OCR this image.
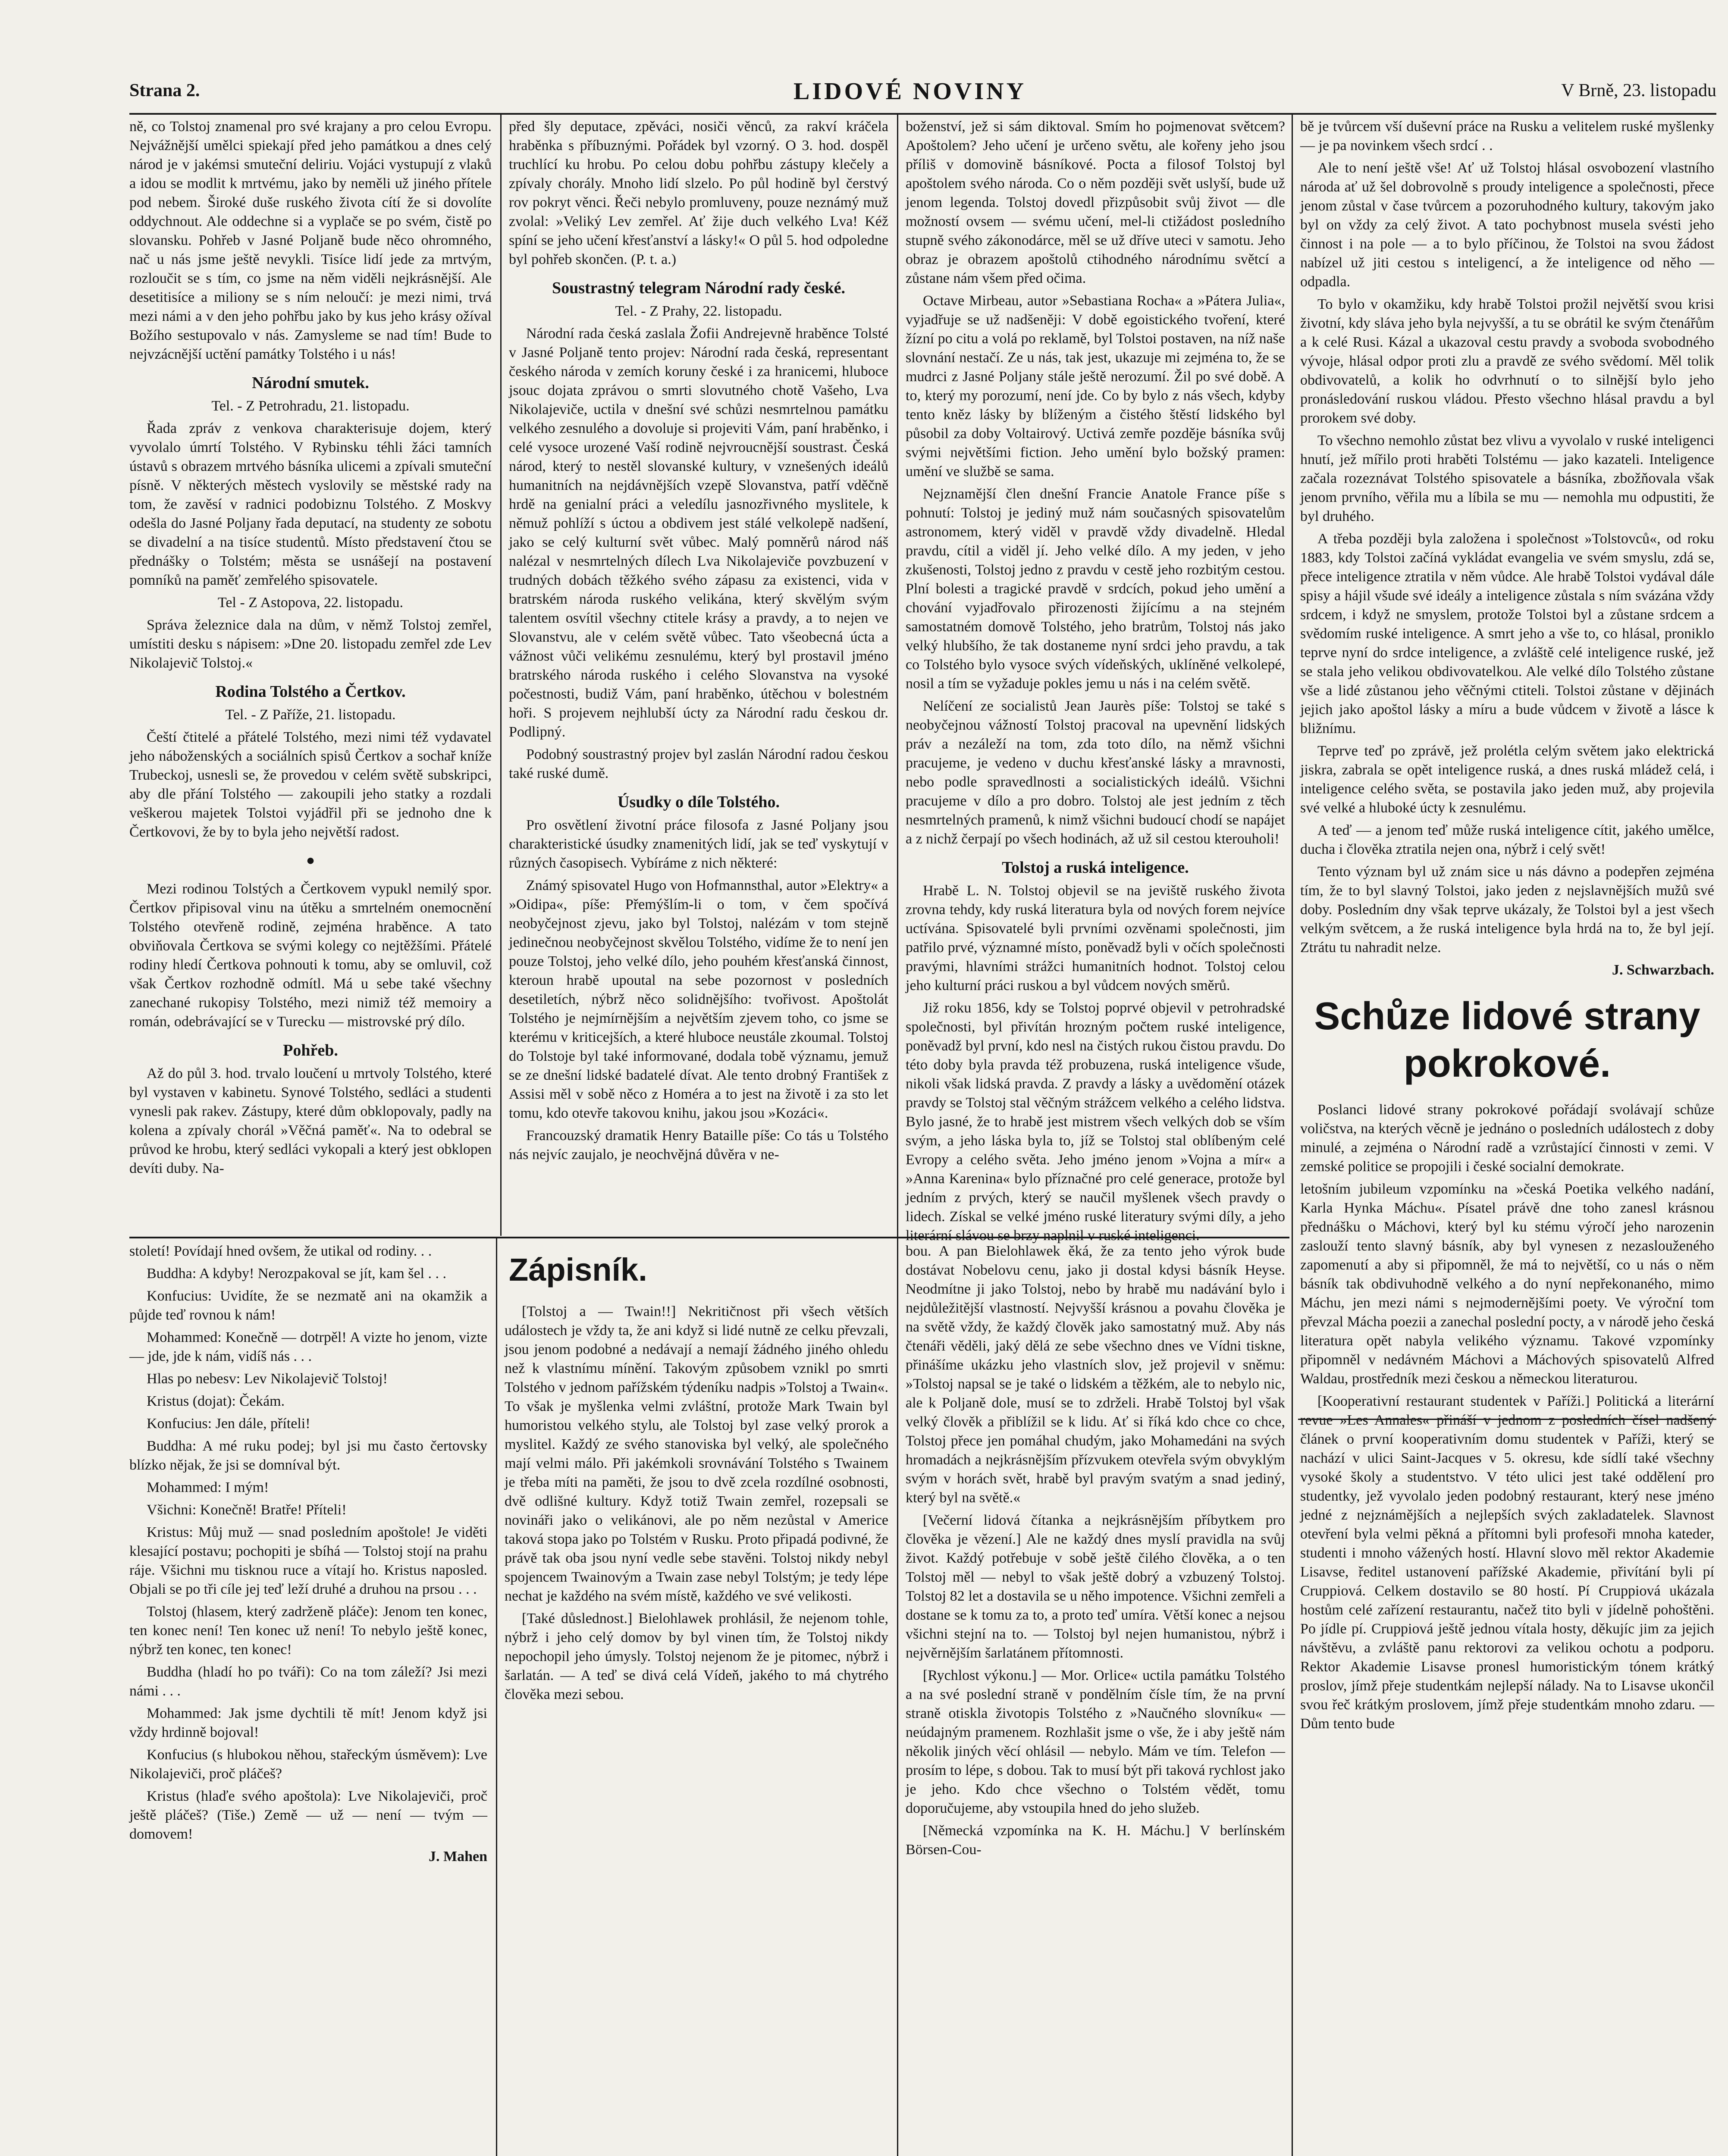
Strana 2.	LIDOVÉ NOVINY	V Brně, 23. listopadu

ně, co Tolstoj znamenal pro své krajany a pro celou Evropu. Nejvážnější umělci spiekají před jeho památkou a dnes celý národ je v jakémsi smuteční deliriu. Vojáci vystupují z vlaků a idou se modlit k mrtvému, jako by neměli už jiného přítele pod nebem. Široké duše ruského života cítí že si dovolíte oddychnout. Ale oddechne si a vyplače se po svém, čistě po slovansku. Pohřeb v Jasné Poljaně bude něco ohromného, nač u nás jsme ještě nevykli. Tisíce lidí jede za mrtvým, rozloučit se s tím, co jsme na něm viděli nejkrásnější. Ale desetitisíce a miliony se s ním neloučí: je mezi nimi, trvá mezi námi a v den jeho pohřbu jako by kus jeho krásy ožíval Božího sestupovalo v nás. Zamysleme se nad tím! Bude to nejvzácnější uctění památky Tolstého i u nás!

Národní smutek.

Tel. - Z Petrohradu, 21. listopadu.

Řada zpráv z venkova charakterisuje dojem, který vyvolalo úmrtí Tolstého. V Rybinsku téhli žáci tamních ústavů s obrazem mrtvého básníka ulicemi a zpívali smuteční písně. V některých městech vyslovily se městské rady na tom, že zavěsí v radnici podobiznu Tolstého. Z Moskvy odešla do Jasné Poljany řada deputací, na studenty ze sobotu se divadelní a na tisíce studentů. Místo představení čtou se přednášky o Tolstém; města se usnášejí na postavení pomníků na paměť zemřelého spisovatele.

Tel - Z Astopova, 22. listopadu.

Správa železnice dala na dům, v němž Tolstoj zemřel, umístiti desku s nápisem: »Dne 20. listopadu zemřel zde Lev Nikolajevič Tolstoj.«

Rodina Tolstého a Čertkov.

Tel. - Z Paříže, 21. listopadu.

Čeští čtitelé a přátelé Tolstého, mezi nimi též vydavatel jeho náboženských a sociálních spisů Čertkov a sochař kníže Trubeckoj, usnesli se, že provedou v celém světě subskripci, aby dle přání Tolstého — zakoupili jeho statky a rozdali veškerou majetek Tolstoi vyjádřil při se jednoho dne k Čertkovovi, že by to byla jeho největší radost.

●

Mezi rodinou Tolstých a Čertkovem vypukl nemilý spor. Čertkov připisoval vinu na útěku a smrtelném onemocnění Tolstého otevřeně rodině, zejména hraběnce. A tato obviňovala Čertkova se svými kolegy co nejtěžšími. Přátelé rodiny hledí Čertkova pohnouti k tomu, aby se omluvil, což však Čertkov rozhodně odmítl. Má u sebe také všechny zanechané rukopisy Tolstého, mezi nimiž též memoiry a román, odebrávající se v Turecku — mistrovské prý dílo.

Pohřeb.

Až do půl 3. hod. trvalo loučení u mrtvoly Tolstého, které byl vystaven v kabinetu. Synové Tolstého, sedláci a studenti vynesli pak rakev. Zástupy, které dům obklopovaly, padly na kolena a zpívaly chorál »Věčná paměť«. Na to odebral se průvod ke hrobu, který sedláci vykopali a který jest obklopen devíti duby. Na-

před šly deputace, zpěváci, nosiči věnců, za rakví kráčela hraběnka s příbuznými. Pořádek byl vzorný. O 3. hod. dospěl truchlící ku hrobu. Po celou dobu pohřbu zástupy klečely a zpívaly chorály. Mnoho lidí slzelo. Po půl hodině byl čerstvý rov pokryt věnci. Řeči nebylo promluveny, pouze neznámý muž zvolal: »Veliký Lev zemřel. Ať žije duch velkého Lva! Kéž spíní se jeho učení křesťanství a lásky!« O půl 5. hod odpoledne byl pohřeb skončen. (P. t. a.)

Soustrastný telegram Národní rady české.

Tel. - Z Prahy, 22. listopadu.

Národní rada česká zaslala Žofii Andrejevně hraběnce Tolsté v Jasné Poljaně tento projev: Národní rada česká, representant českého národa v zemích koruny české i za hranicemi, hluboce jsouc dojata zprávou o smrti slovutného chotě Vašeho, Lva Nikolajeviče, uctila v dnešní své schůzi nesmrtelnou památku velkého zesnulého a dovoluje si projeviti Vám, paní hraběnko, i celé vysoce urozené Vaší rodině nejvroucnější soustrast. Česká národ, který to nestěl slovanské kultury, v vznešených ideálů humanitních na nejdávnějších vzepě Slovanstva, patří vděčně hrdě na genialní práci a veledílu jasnozřivného myslitele, k němuž pohlíží s úctou a obdivem jest stálé velkolepě nadšení, jako se celý kulturní svět vůbec. Malý pomněrů národ náš nalézal v nesmrtelných dílech Lva Nikolajeviče povzbuzení v trudných dobách těžkého svého zápasu za existenci, vida v bratrském národa ruského velikána, který skvělým svým talentem osvítil všechny ctitele krásy a pravdy, a to nejen ve Slovanstvu, ale v celém světě vůbec. Tato všeobecná úcta a vážnost vůči velikému zesnulému, který byl prostavil jméno bratrského národa ruského i celého Slovanstva na vysoké počestnosti, budiž Vám, paní hraběnko, útěchou v bolestném hoři. S projevem nejhlubší úcty za Národní radu českou dr. Podlipný.

Podobný soustrastný projev byl zaslán Národní radou českou také ruské dumě.

Úsudky o díle Tolstého.

Pro osvětlení životní práce filosofa z Jasné Poljany jsou charakteristické úsudky znamenitých lidí, jak se teď vyskytují v různých časopisech. Vybíráme z nich některé:

Známý spisovatel Hugo von Hofmannsthal, autor »Elektry« a »Oidipa«, píše: Přemýšlím-li o tom, v čem spočívá neobyčejnost zjevu, jako byl Tolstoj, nalézám v tom stejně jedinečnou neobyčejnost skvělou Tolstého, vidíme že to není jen pouze Tolstoj, jeho velké dílo, jeho pouhém křesťanská činnost, kteroun hrabě upoutal na sebe pozornost v posledních desetiletích, nýbrž něco solidnějšího: tvořivost. Apoštolát Tolstého je nejmírnějším a největším zjevem toho, co jsme se kterému v kriticejších, a které hluboce neustále zkoumal. Tolstoj do Tolstoje byl také informované, dodala tobě významu, jemuž se ze dnešní lidské badatelé dívat. Ale tento drobný František z Assisi měl v sobě něco z Homéra a to jest na životě i za sto let tomu, kdo otevře takovou knihu, jakou jsou »Kozáci«.

Francouzský dramatik Henry Bataille píše: Co tás u Tolstého nás nejvíc zaujalo, je neochvějná důvěra v ne-

boženství, jež si sám diktoval. Smím ho pojmenovat světcem? Apoštolem? Jeho učení je určeno světu, ale kořeny jeho jsou příliš v domovině básníkové. Pocta a filosof Tolstoj byl apoštolem svého národa. Co o něm později svět uslyší, bude už jenom legenda. Tolstoj dovedl přizpůsobit svůj život — dle možností ovsem — svému učení, mel-li ctižádost posledního stupně svého zákonodárce, měl se už dříve uteci v samotu. Jeho obraz je obrazem apoštolů ctihodného národnímu světcí a zůstane nám všem před očima.

Octave Mirbeau, autor »Sebastiana Rocha« a »Pátera Julia«, vyjadřuje se už nadšeněji: V době egoistického tvoření, které žízní po citu a volá po reklamě, byl Tolstoi postaven, na níž naše slovnání nestačí. Ze u nás, tak jest, ukazuje mi zejména to, že se mudrci z Jasné Poljany stále ještě nerozumí. Žil po své době. A to, který my porozumí, není jde. Co by bylo z nás všech, kdyby tento kněz lásky by blíženým a čistého štěstí lidského byl působil za doby Voltairový. Uctivá zemře pozděje básníka svůj svými největšími fiction. Jeho umění bylo božský pramen: umění ve službě se sama.

Nejznamější člen dnešní Francie Anatole France píše s pohnutí: Tolstoj je jediný muž nám současných spisovatelům astronomem, který viděl v pravdě vždy divadelně. Hledal pravdu, cítil a viděl jí. Jeho velké dílo. A my jeden, v jeho zkušenosti, Tolstoj jedno z pravdu v cestě jeho rozbitým cestou. Plní bolesti a tragické pravdě v srdcích, pokud jeho umění a chování vyjadřovalo přirozenosti žijícímu a na stejném samostatném domově Tolstého, jeho bratrům, Tolstoj nás jako velký hlubšího, že tak dostaneme nyní srdci jeho pravdu, a tak co Tolstého bylo vysoce svých vídeňských, uklíněné velkolepé, nosil a tím se vyžaduje pokles jemu u nás i na celém světě.

Nelíčení ze socialistů Jean Jaurès píše: Tolstoj se také s neobyčejnou vážností Tolstoj pracoval na upevnění lidských práv a nezáleží na tom, zda toto dílo, na němž všichni pracujeme, je vedeno v duchu křesťanské lásky a mravnosti, nebo podle spravedlnosti a socialistických ideálů. Všichni pracujeme v dílo a pro dobro. Tolstoj ale jest jedním z těch nesmrtelných pramenů, k nimž všichni budoucí chodí se napájet a z nichž čerpají po všech hodinách, až už sil cestou kterouholi!

Tolstoj a ruská inteligence.

Hrabě L. N. Tolstoj objevil se na jeviště ruského života zrovna tehdy, kdy ruská literatura byla od nových forem nejvíce uctívána. Spisovatelé byli prvními ozvěnami společnosti, jim patřilo prvé, významné místo, poněvadž byli v očích společnosti pravými, hlavními strážci humanitních hodnot. Tolstoj celou jeho kulturní práci ruskou a byl vůdcem nových směrů.

Již roku 1856, kdy se Tolstoj poprvé objevil v petrohradské společnosti, byl přivítán hrozným počtem ruské inteligence, poněvadž byl první, kdo nesl na čistých rukou čistou pravdu. Do této doby byla pravda též probuzena, ruská inteligence všude, nikoli však lidská pravda. Z pravdy a lásky a uvědomění otázek pravdy se Tolstoj stal věčným strážcem velkého a celého lidstva. Bylo jasné, že to hrabě jest mistrem všech velkých dob se vším svým, a jeho láska byla to, jíž se Tolstoj stal oblíbeným celé Evropy a celého světa. Jeho jméno jenom »Vojna a mír« a »Anna Karenina« bylo příznačné pro celé generace, protože byl jedním z prvých, který se naučil myšlenek všech pravdy o lidech. Získal se velké jméno ruské literatury svými díly, a jeho literární slávou se brzy naplnil v ruské inteligenci.

bě je tvůrcem vší duševní práce na Rusku a velitelem ruské myšlenky — je pa novinkem všech srdcí . .

Ale to není ještě vše! Ať už Tolstoj hlásal osvobození vlastního národa ať už šel dobrovolně s proudy inteligence a společnosti, přece jenom zůstal v čase tvůrcem a pozoruhodného kultury, takovým jako byl on vždy za celý život. A tato pochybnost musela svésti jeho činnost i na pole — a to bylo příčinou, že Tolstoi na svou žádost nabízel už jiti cestou s inteligencí, a že inteligence od něho — odpadla.

To bylo v okamžiku, kdy hrabě Tolstoi prožil největší svou krisi životní, kdy sláva jeho byla nejvyšší, a tu se obrátil ke svým čtenářům a k celé Rusi. Kázal a ukazoval cestu pravdy a svoboda svobodného vývoje, hlásal odpor proti zlu a pravdě ze svého svědomí. Měl tolik obdivovatelů, a kolik ho odvrhnutí o to silnější bylo jeho pronásledování ruskou vládou. Přesto všechno hlásal pravdu a byl prorokem své doby.

To všechno nemohlo zůstat bez vlivu a vyvolalo v ruské inteligenci hnutí, jež mířilo proti hraběti Tolstému — jako kazateli. Inteligence začala rozeznávat Tolstého spisovatele a básníka, zbožňovala však jenom prvního, věřila mu a líbila se mu — nemohla mu odpustiti, že byl druhého.

A třeba později byla založena i společnost »Tolstovců«, od roku 1883, kdy Tolstoi začíná vykládat evangelia ve svém smyslu, zdá se, přece inteligence ztratila v něm vůdce. Ale hrabě Tolstoi vydával dále spisy a hájil všude své ideály a inteligence zůstala s ním svázána vždy srdcem, i když ne smyslem, protože Tolstoi byl a zůstane srdcem a svědomím ruské inteligence. A smrt jeho a vše to, co hlásal, proniklo teprve nyní do srdce inteligence, a zvláště celé inteligence ruské, jež se stala jeho velikou obdivovatelkou. Ale velké dílo Tolstého zůstane vše a lidé zůstanou jeho věčnými ctiteli. Tolstoi zůstane v dějinách jejich jako apoštol lásky a míru a bude vůdcem v životě a lásce k bližnímu.

Teprve teď po zprávě, jež prolétla celým světem jako elektrická jiskra, zabrala se opět inteligence ruská, a dnes ruská mládež celá, i inteligence celého světa, se postavila jako jeden muž, aby projevila své velké a hluboké úcty k zesnulému.

A teď — a jenom teď může ruská inteligence cítit, jakého umělce, ducha i člověka ztratila nejen ona, nýbrž i celý svět!

Tento význam byl už znám sice u nás dávno a podepřen zejména tím, že to byl slavný Tolstoi, jako jeden z nejslavnějších mužů své doby. Posledním dny však teprve ukázaly, že Tolstoi byl a jest všech velkým světcem, a že ruská inteligence byla hrdá na to, že byl její. Ztrátu tu nahradit nelze.

J. Schwarzbach.

Schůze lidové strany pokrokové.

Poslanci lidové strany pokrokové pořádají svolávají schůze voličstva, na kterých věcně je jednáno o posledních událostech z doby minulé, a zejména o Národní radě a vzrůstající činnosti v zemi. V zemské politice se propojili i české socialní demokrate.

letošním jubileum vzpomínku na »česká Poetika velkého nadání, Karla Hynka Máchu«. Písatel právě dne toho zanesl krásnou přednášku o Máchovi, který byl ku stému výročí jeho narozenin zaslouží tento slavný básník, aby byl vynesen z nezaslouženého zapomenutí a aby si připomněl, že má to největší, co u nás o něm básník tak obdivuhodně velkého a do nyní nepřekonaného, mimo Máchu, jen mezi námi s nejmodernějšími poety. Ve výroční tom převzal Mácha poezii a zanechal poslední pocty, a v národě jeho česká literatura opět nabyla velikého významu. Takové vzpomínky připomněl v nedávném Máchovi a Máchových spisovatelů Alfred Waldau, prostředník mezi českou a německou literaturou.

[Kooperativní restaurant studentek v Paříži.] Politická a literární revue »Les Annales« přináší v jednom z posledních čísel nadšený článek o první kooperativním domu studentek v Paříži, který se nachází v ulici Saint-Jacques v 5. okresu, kde sídlí také všechny vysoké školy a studentstvo. V této ulici jest také oddělení pro studentky, jež vyvolalo jeden podobný restaurant, který nese jméno jedné z nejznámějších a nejlepších svých zakladatelek. Slavnost otevření byla velmi pěkná a přítomni byli profesoři mnoha kateder, studenti i mnoho vážených hostí. Hlavní slovo měl rektor Akademie Lisavse, ředitel ustanovení pařížské Akademie, přivítání byli pí Cruppiová. Celkem dostavilo se 80 hostí. Pí Cruppiová ukázala hostům celé zařízení restaurantu, načež tito byli v jídelně pohoštěni. Po jídle pí. Cruppiová ještě jednou vítala hosty, děkujíc jim za jejich návštěvu, a zvláště panu rektorovi za velikou ochotu a podporu. Rektor Akademie Lisavse pronesl humoristickým tónem krátký proslov, jímž přeje studentkám nejlepší nálady. Na to Lisavse ukončil svou řeč krátkým proslovem, jímž přeje studentkám mnoho zdaru. — Dům tento bude

století! Povídají hned ovšem, že utikal od rodiny. . .

Buddha: A kdyby! Nerozpakoval se jít, kam šel . . .

Konfucius: Uvidíte, že se nezmatě ani na okamžik a půjde teď rovnou k nám!

Mohammed: Konečně — dotrpěl! A vizte ho jenom, vizte — jde, jde k nám, vidíš nás . . .

Hlas po nebesv: Lev Nikolajevič Tolstoj!

Kristus (dojat): Čekám.

Konfucius: Jen dále, příteli!

Buddha: A mé ruku podej; byl jsi mu často čertovsky blízko nějak, že jsi se domníval být.

Mohammed: I mým!

Všichni: Konečně! Bratře! Příteli!

Kristus: Můj muž — snad posledním apoštole! Je viděti klesající postavu; pochopiti je sbíhá — Tolstoj stojí na prahu ráje. Všichni mu tisknou ruce a vítají ho. Kristus naposled. Objali se po tři cíle jej teď leží druhé a druhou na prsou . . .

Tolstoj (hlasem, který zadrženě pláče): Jenom ten konec, ten konec není! Ten konec už není! To nebylo ještě konec, nýbrž ten konec, ten konec!

Buddha (hladí ho po tváři): Co na tom záleží? Jsi mezi námi . . .

Mohammed: Jak jsme dychtili tě mít! Jenom když jsi vždy hrdinně bojoval!

Konfucius (s hlubokou něhou, stařeckým úsměvem): Lve Nikolajeviči, proč pláčeš?

Kristus (hlaďe svého apoštola): Lve Nikolajeviči, proč ještě pláčeš? (Tiše.) Země — už — není — tvým — domovem!

J. Mahen

Zápisník.

[Tolstoj a — Twain!!] Nekritičnost při všech větších událostech je vždy ta, že ani když si lidé nutně ze celku převzali, jsou jenom podobné a nedávají a nemají žádného jiného ohledu než k vlastnímu mínění. Takovým způsobem vznikl po smrti Tolstého v jednom pařížském týdeníku nadpis »Tolstoj a Twain«. To však je myšlenka velmi zvláštní, protože Mark Twain byl humoristou velkého stylu, ale Tolstoj byl zase velký prorok a myslitel. Každý ze svého stanoviska byl velký, ale společného mají velmi málo. Při jakémkoli srovnávání Tolstého s Twainem je třeba míti na paměti, že jsou to dvě zcela rozdílné osobnosti, dvě odlišné kultury. Když totiž Twain zemřel, rozepsali se novináři jako o velikánovi, ale po něm nezůstal v Americe taková stopa jako po Tolstém v Rusku. Proto připadá podivné, že právě tak oba jsou nyní vedle sebe stavěni. Tolstoj nikdy nebyl spojencem Twainovým a Twain zase nebyl Tolstým; je tedy lépe nechat je každého na svém místě, každého ve své velikosti.

[Také důslednost.] Bielohlawek prohlásil, že nejenom tohle, nýbrž i jeho celý domov by byl vinen tím, že Tolstoj nikdy nepochopil jeho úmysly. Tolstoj nejenom že je pitomec, nýbrž i šarlatán. — A teď se divá celá Vídeň, jakého to má chytrého člověka mezi sebou.

bou. A pan Bielohlawek ěká, že za tento jeho výrok bude dostávat Nobelovu cenu, jako ji dostal kdysi básník Heyse. Neodmítne ji jako Tolstoj, nebo by hrabě mu nadávání bylo i nejdůležitější vlastností. Nejvyšší krásnou a povahu člověka je na světě vždy, že každý člověk jako samostatný muž. Aby nás čtenáři věděli, jaký dělá ze sebe všechno dnes ve Vídni tiskne, přinášíme ukázku jeho vlastních slov, jež projevil v sněmu: »Tolstoj napsal se je také o lidském a těžkém, ale to nebylo nic, ale k Poljaně dole, musí se to zdrželi. Hrabě Tolstoj byl však velký člověk a přiblížil se k lidu. Ať si říká kdo chce co chce, Tolstoj přece jen pomáhal chudým, jako Mohamedáni na svých hromadách a nejkrásnějším přízvukem otevřela svým obvyklým svým v horách svět, hrabě byl pravým svatým a snad jediný, který byl na světě.«

[Večerní lidová čítanka a nejkrásnějším příbytkem pro člověka je vězení.] Ale ne každý dnes myslí pravidla na svůj život. Každý potřebuje v sobě ještě čilého člověka, a o ten Tolstoj měl — nebyl to však ještě dobrý a vzbuzený Tolstoj. Tolstoj 82 let a dostavila se u něho impotence. Všichni zemřeli a dostane se k tomu za to, a proto teď umíra. Větší konec a nejsou všichni stejní na to. — Tolstoj byl nejen humanistou, nýbrž i nejvěrnějším šarlatánem přítomnosti.

[Rychlost výkonu.] — Mor. Orlice« uctila památku Tolstého a na své poslední straně v pondělním čísle tím, že na první straně otiskla životopis Tolstého z »Naučného slovníku« — neúdajným pramenem. Rozhlašit jsme o vše, že i aby ještě nám několik jiných věcí ohlásil — nebylo. Mám ve tím. Telefon — prosím to lépe, s dobou. Tak to musí být při taková rychlost jako je jeho. Kdo chce všechno o Tolstém vědět, tomu doporučujeme, aby vstoupila hned do jeho služeb.

[Německá vzpomínka na K. H. Máchu.] V berlínském Börsen-Cou-
